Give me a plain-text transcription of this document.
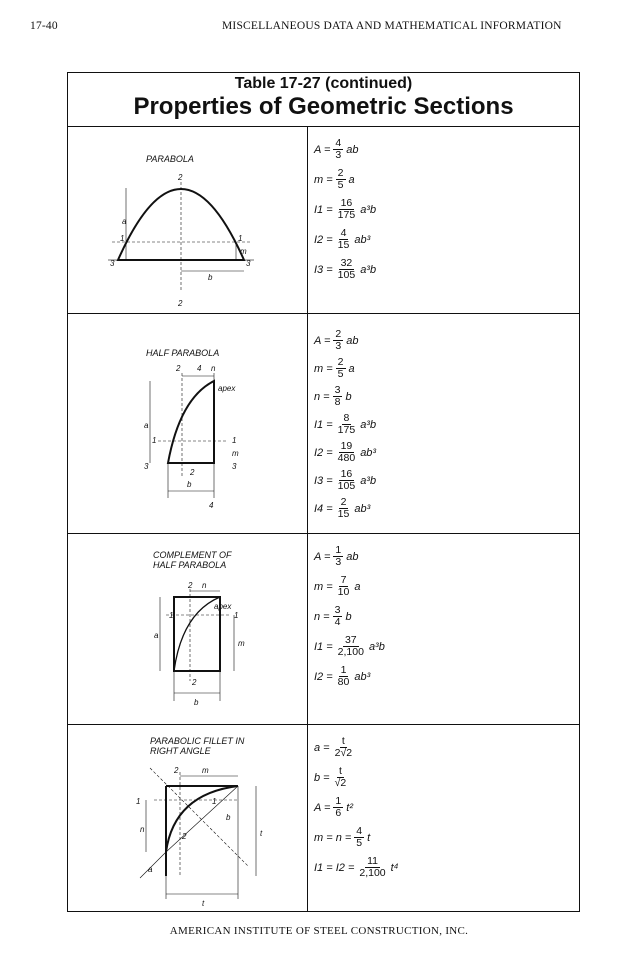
17-40	MISCELLANEOUS DATA AND MATHEMATICAL INFORMATION
Table 17-27 (continued)
Properties of Geometric Sections
PARABOLA
2
2
a
1	1
3	3
m
b
$A = \frac{4}{3}$ ab
$m = \frac{2}{5}$ a
$I1 = \frac{16}{175} a^3b$
$I2 = \frac{4}{15} ab^3$
$I3 = \frac{32}{105} a^3b$
HALF PARABOLA
2 4 n
apex
a
1	1
3	3
m
2
b
4
$A = \frac{2}{3}$ ab
$m = \frac{2}{5}$ a
$n = \frac{3}{8}$ b
$I1 = \frac{8}{175} a^3b$
$I2 = \frac{19}{480} ab^3$
$I3 = \frac{16}{105} a^3b$
$I4 = \frac{2}{15} ab^3$
COMPLEMENT OF
HALF PARABOLA
2 n
apex
1	1
a
m
2
b
$A = \frac{1}{3}$ ab
$m = \frac{7}{10}$ a
$n = \frac{3}{4}$ b
$I1 = \frac{37}{2,100} a^3b$
$I2 = \frac{1}{80} ab^3$
PARABOLIC FILLET IN
RIGHT ANGLE
2	m
1	1
n
2
b
t
a
t
$a = \frac{t}{2√2}$
$b = \frac{t}{√2}$
$A = \frac{1}{6} t^2$
$m = n = \frac{4}{5}$ t
$I1 = I2 = \frac{11}{2,100} t^4$
AMERICAN INSTITUTE OF STEEL CONSTRUCTION, INC.
